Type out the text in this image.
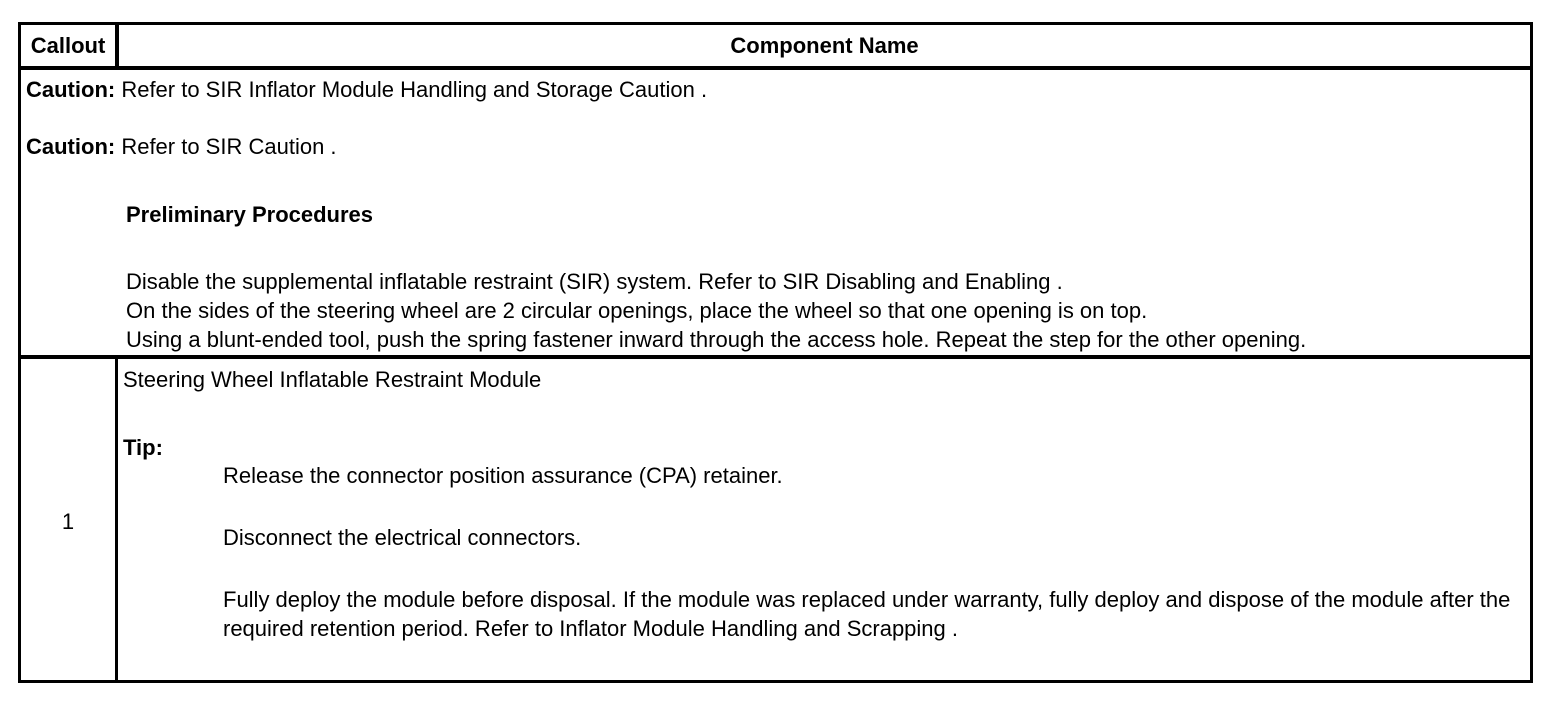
Callout	Component Name
Caution: Refer to SIR Inflator Module Handling and Storage Caution .
Caution: Refer to SIR Caution .
Preliminary Procedures
Disable the supplemental inflatable restraint (SIR) system. Refer to SIR Disabling and Enabling .
On the sides of the steering wheel are 2 circular openings, place the wheel so that one opening is on top.
Using a blunt-ended tool, push the spring fastener inward through the access hole. Repeat the step for the other opening.
1
Steering Wheel Inflatable Restraint Module
Tip:
Release the connector position assurance (CPA) retainer.
Disconnect the electrical connectors.
Fully deploy the module before disposal. If the module was replaced under warranty, fully deploy and dispose of the module after the required retention period. Refer to Inflator Module Handling and Scrapping .
